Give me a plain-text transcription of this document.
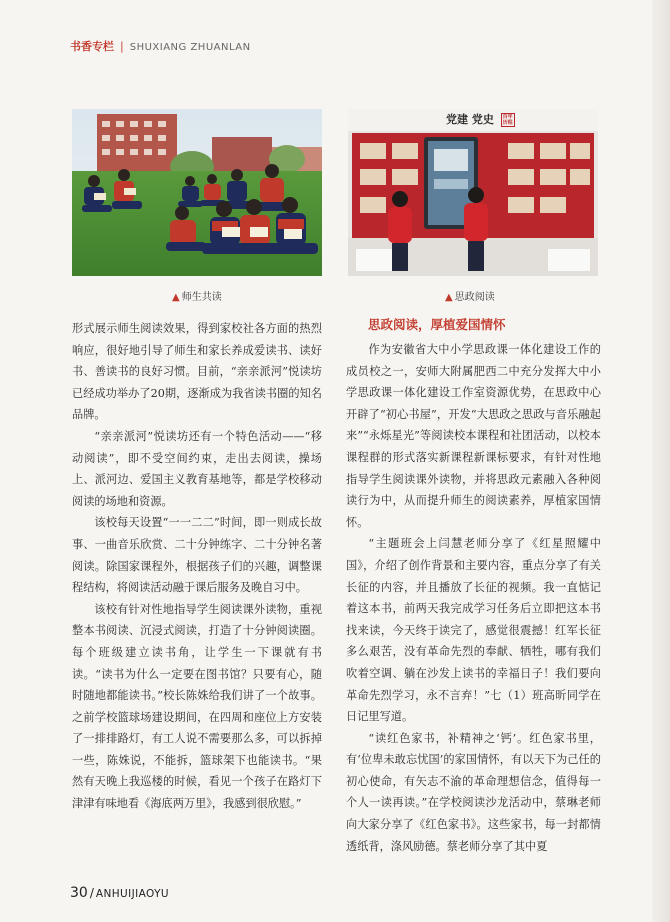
书香专栏 | SHUXIANG ZHUANLAN
▲ 师生共读
党建 党史 百年历程
▲ 思政阅读

形式展示师生阅读效果，得到家校社各方面的热烈响应，很好地引导了师生和家长养成爱读书、读好书、善读书的良好习惯。目前，“亲亲派河”悦读坊已经成功举办了20期，逐渐成为我省读书圈的知名品牌。

“亲亲派河”悦读坊还有一个特色活动——“移动阅读”，即不受空间约束，走出去阅读，操场上、派河边、爱国主义教育基地等，都是学校移动阅读的场地和资源。

该校每天设置“一一二二”时间，即一则成长故事、一曲音乐欣赏、二十分钟练字、二十分钟名著阅读。除国家课程外，根据孩子们的兴趣，调整课程结构，将阅读活动融于课后服务及晚自习中。

该校有针对性地指导学生阅读课外读物，重视整本书阅读、沉浸式阅读，打造了十分钟阅读圈。每个班级建立读书角，让学生一下课就有书读。“读书为什么一定要在图书馆？只要有心，随时随地都能读书。”校长陈姝给我们讲了一个故事。之前学校篮球场建设期间，在四周和座位上方安装了一排排路灯，有工人说不需要那么多，可以拆掉一些，陈姝说，不能拆，篮球架下也能读书。“果然有天晚上我巡楼的时候，看见一个孩子在路灯下津津有味地看《海底两万里》，我感到很欣慰。”

思政阅读，厚植爱国情怀

作为安徽省大中小学思政课一体化建设工作的成员校之一，安师大附属肥西二中充分发挥大中小学思政课一体化建设工作室资源优势，在思政中心开辟了“初心书屋”，开发“大思政之思政与音乐融起来”“永烁星光”等阅读校本课程和社团活动，以校本课程群的形式落实新课程新课标要求，有针对性地指导学生阅读课外读物，并将思政元素融入各种阅读行为中，从而提升师生的阅读素养，厚植家国情怀。

“主题班会上闫慧老师分享了《红星照耀中国》，介绍了创作背景和主要内容，重点分享了有关长征的内容，并且播放了长征的视频。我一直惦记着这本书，前两天我完成学习任务后立即把这本书找来读，今天终于读完了，感觉很震撼！红军长征多么艰苦，没有革命先烈的奉献、牺牲，哪有我们吹着空调、躺在沙发上读书的幸福日子！我们要向革命先烈学习，永不言弃！”七（1）班高昕同学在日记里写道。

“读红色家书，补精神之‘钙’。红色家书里，有‘位卑未敢忘忧国’的家国情怀，有以天下为己任的初心使命，有矢志不渝的革命理想信念，值得每一个人一读再读。”在学校阅读沙龙活动中，蔡琳老师向大家分享了《红色家书》。这些家书，每一封都情透纸背，涤风励德。蔡老师分享了其中夏

30 / ANHUIJIAOYU
